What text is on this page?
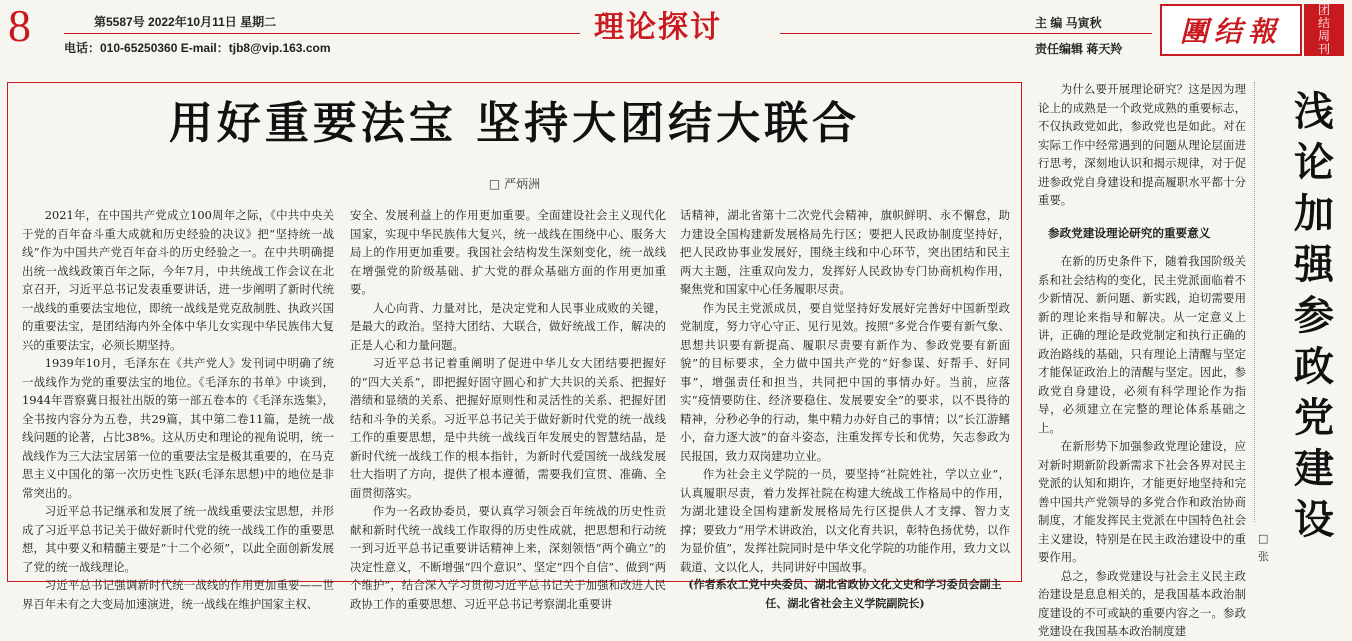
8	第5587号 2022年10月11日 星期二
电话：010-65250360 E-mail：tjb8@vip.163.com
理论探讨	主 编 马寅秋
责任编辑 蒋天羚
團结報
团
结
周
刊
用好重要法宝 坚持大团结大联合
□ 严炳洲

2021年，在中国共产党成立100周年之际，《中共中央关于党的百年奋斗重大成就和历史经验的决议》把“坚持统一战线”作为中国共产党百年奋斗的历史经验之一。在中共明确提出统一战线政策百年之际，今年7月，中共统战工作会议在北京召开，习近平总书记发表重要讲话，进一步阐明了新时代统一战线的重要法宝地位，即统一战线是党克敌制胜、执政兴国的重要法宝，是团结海内外全体中华儿女实现中华民族伟大复兴的重要法宝，必须长期坚持。

1939年10月，毛泽东在《共产党人》发刊词中明确了统一战线作为党的重要法宝的地位。《毛泽东的书单》中谈到，1944年晋察冀日报社出版的第一部五卷本的《毛泽东选集》，全书按内容分为五卷，共29篇，其中第二卷11篇，是统一战线问题的论著，占比38%。这从历史和理论的视角说明，统一战线作为三大法宝居第一位的重要法宝是极其重要的，在马克思主义中国化的第一次历史性飞跃(毛泽东思想)中的地位是非常突出的。

习近平总书记继承和发展了统一战线重要法宝思想，并形成了习近平总书记关于做好新时代党的统一战线工作的重要思想，其中要义和精髓主要是“十二个必须”，以此全面创新发展了党的统一战线理论。

习近平总书记强调新时代统一战线的作用更加重要——世界百年未有之大变局加速演进，统一战线在维护国家主权、

安全、发展利益上的作用更加重要。全面建设社会主义现代化国家，实现中华民族伟大复兴，统一战线在围绕中心、服务大局上的作用更加重要。我国社会结构发生深刻变化，统一战线在增强党的阶级基础、扩大党的群众基础方面的作用更加重要。

人心向背、力量对比，是决定党和人民事业成败的关键，是最大的政治。坚持大团结、大联合，做好统战工作，解决的正是人心和力量问题。

习近平总书记着重阐明了促进中华儿女大团结要把握好的“四大关系”，即把握好固守圆心和扩大共识的关系、把握好潜绩和显绩的关系、把握好原则性和灵活性的关系、把握好团结和斗争的关系。习近平总书记关于做好新时代党的统一战线工作的重要思想，是中共统一战线百年发展史的智慧结晶，是新时代统一战线工作的根本指针，为新时代爱国统一战线发展壮大指明了方向，提供了根本遵循，需要我们宣贯、准确、全面贯彻落实。

作为一名政协委员，要认真学习领会百年统战的历史性贡献和新时代统一战线工作取得的历史性成就，把思想和行动统一到习近平总书记重要讲话精神上来，深刻领悟“两个确立”的决定性意义，不断增强“四个意识”、坚定“四个自信”、做到“两个维护”，结合深入学习贯彻习近平总书记关于加强和改进人民政协工作的重要思想、习近平总书记考察湖北重要讲

话精神，湖北省第十二次党代会精神，旗帜鲜明、永不懈怠，助力建设全国构建新发展格局先行区；要把人民政协制度坚持好，把人民政协事业发展好，围绕主线和中心环节，突出团结和民主两大主题，注重双向发力，发挥好人民政协专门协商机构作用，聚焦党和国家中心任务履职尽责。

作为民主党派成员，要自觉坚持好发展好完善好中国新型政党制度，努力守心守正、见行见效。按照“多党合作要有新气象、思想共识要有新提高、履职尽责要有新作为、参政党要有新面貌”的目标要求，全力做中国共产党的“好参谋、好帮手、好同事”，增强责任和担当，共同把中国的事情办好。当前，应落实“疫情要防住、经济要稳住、发展要安全”的要求，以不畏待的精神，分秒必争的行动，集中精力办好自己的事情；以“长江游鳍小，奋力逐大波”的奋斗姿态，注重发挥专长和优势，矢志参政为民报国，致力双岗建功立业。

作为社会主义学院的一员，要坚持“社院姓社，学以立业”，认真履职尽责，着力发挥社院在构建大统战工作格局中的作用，为湖北建设全国构建新发展格局先行区提供人才支撑、智力支撑；要致力“用学术讲政治，以文化育共识，彰特色扬优势，以作为显价值”，发挥社院同时是中华文化学院的功能作用，致力文以载道、文以化人，共同讲好中国故事。

(作者系农工党中央委员、湖北省政协文化文史和学习委员会副主任、湖北省社会主义学院副院长)

为什么要开展理论研究？这是因为理论上的成熟是一个政党成熟的重要标志，不仅执政党如此，参政党也是如此。对在实际工作中经常遇到的问题从理论层面进行思考，深刻地认识和揭示规律，对于促进参政党自身建设和提高履职水平都十分重要。

参政党建设理论研究的重要意义

在新的历史条件下，随着我国阶级关系和社会结构的变化，民主党派面临着不少新情况、新问题、新实践，迫切需要用新的理论来指导和解决。从一定意义上讲，正确的理论是政党制定和执行正确的政治路线的基础，只有理论上清醒与坚定才能保证政治上的清醒与坚定。因此，参政党自身建设，必须有科学理论作为指导，必须建立在完整的理论体系基础之上。

在新形势下加强参政党理论建设，应对新时期新阶段新需求下社会各界对民主党派的认知和期许，才能更好地坚持和完善中国共产党领导的多党合作和政治协商制度，才能发挥民主党派在中国特色社会主义建设，特别是在民主政治建设中的重要作用。

总之，参政党建设与社会主义民主政治建设是息息相关的，是我国基本政治制度建设的不可或缺的重要内容之一。参政党建设在我国基本政治制度建

浅
论
加
强
参
政
党
建
设
□ 张
